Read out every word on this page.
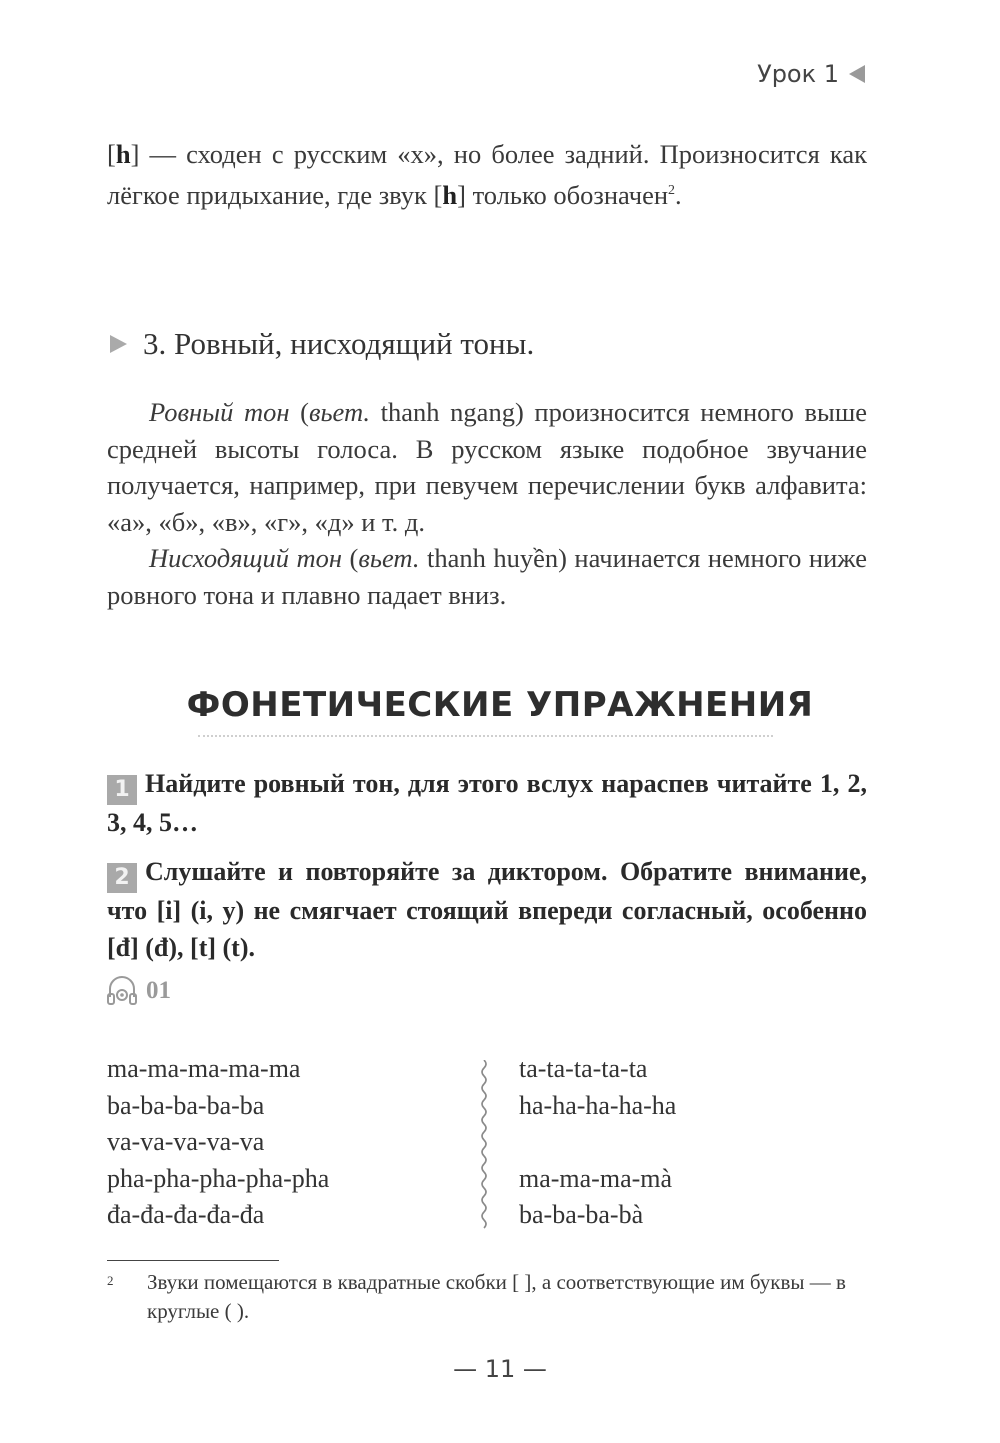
Урок 1
[h] — сходен с русским «х», но более задний. Произносится как лёгкое придыхание, где звук [h] только обозначен$^2$.
3. Ровный, нисходящий тоны.
Ровный тон (вьет. thanh ngang) произносится немного выше средней высоты голоса. В русском языке подобное звучание получается, например, при певучем перечислении букв алфавита: «а», «б», «в», «г», «д» и т. д.
Нисходящий тон (вьет. thanh huyền) начинается немного ниже ровного тона и плавно падает вниз.
ФОНЕТИЧЕСКИЕ УПРАЖНЕНИЯ
1 Найдите ровный тон, для этого вслух нараспев читайте 1, 2, 3, 4, 5…
2 Слушайте и повторяйте за диктором. Обратите внимание, что [i] (i, y) не смягчает стоящий впереди согласный, особенно [đ] (đ), [t] (t).
01
ma-ma-ma-ma-ma
ba-ba-ba-ba-ba
va-va-va-va-va
pha-pha-pha-pha-pha
đa-đa-đa-đa-đa
ta-ta-ta-ta-ta
ha-ha-ha-ha-ha
ma-ma-ma-mà
ba-ba-ba-bà
2 Звуки помещаются в квадратные скобки [ ], а соответствующие им буквы — в круглые ( ).
— 11 —
